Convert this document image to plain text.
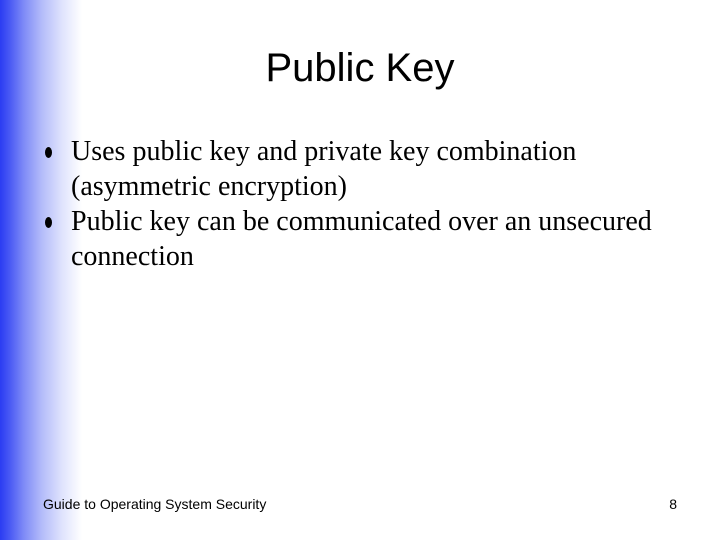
Public Key
Uses public key and private key combination (asymmetric encryption)
Public key can be communicated over an unsecured connection
Guide to Operating System Security	8
